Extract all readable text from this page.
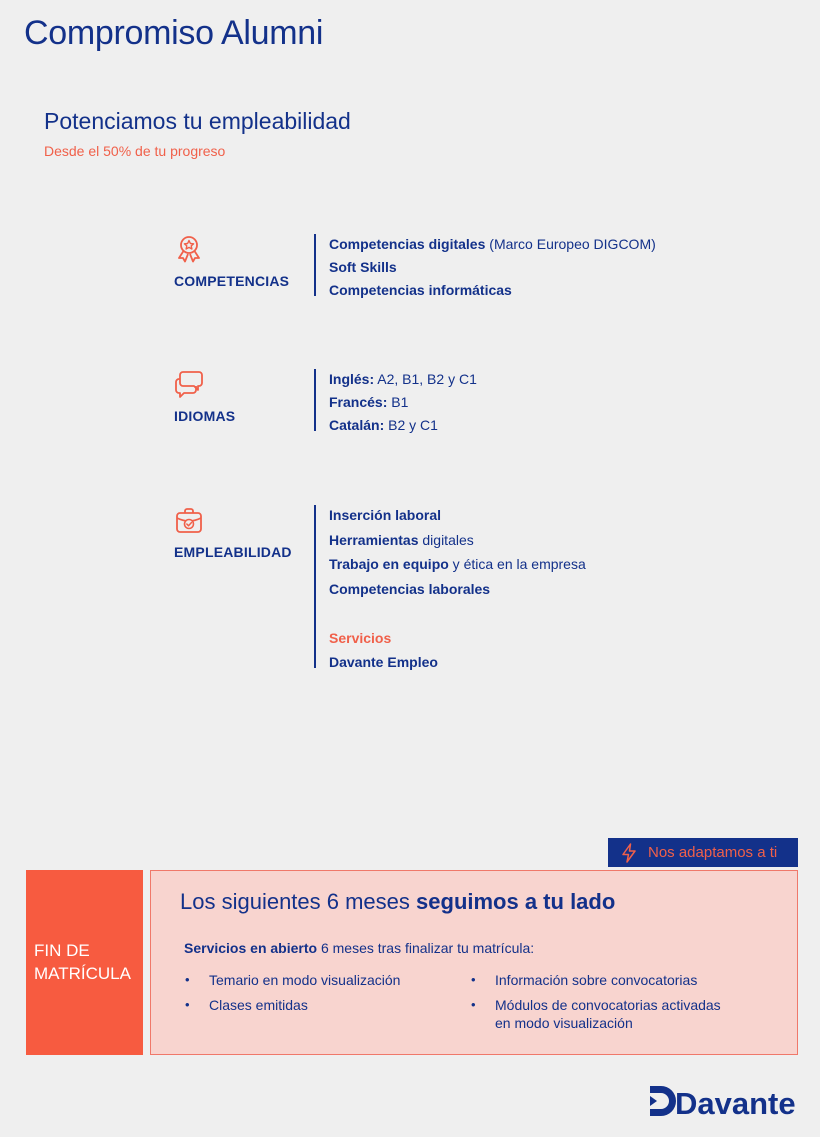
Compromiso Alumni
Potenciamos tu empleabilidad
Desde el 50% de tu progreso
COMPETENCIAS
Competencias digitales (Marco Europeo DIGCOM)
Soft Skills
Competencias informáticas
IDIOMAS
Inglés: A2, B1, B2 y C1
Francés: B1
Catalán: B2 y C1
EMPLEABILIDAD
Inserción laboral
Herramientas digitales
Trabajo en equipo y ética en la empresa
Competencias laborales
Servicios
Davante Empleo
Nos adaptamos a ti
FIN DE
MATRÍCULA
Los siguientes 6 meses seguimos a tu lado
Servicios en abierto 6 meses tras finalizar tu matrícula:
• Temario en modo visualización
• Clases emitidas
• Información sobre convocatorias
• Módulos de convocatorias activadas en modo visualización
Davante
